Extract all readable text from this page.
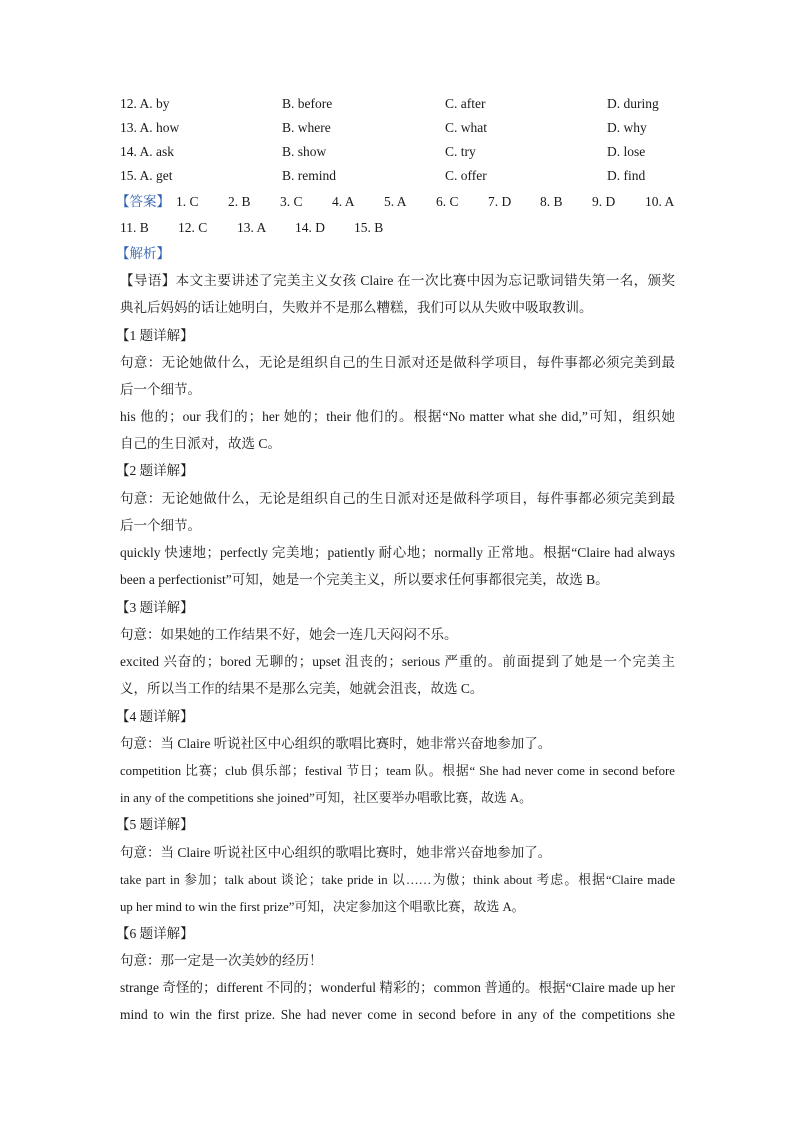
12. A. by	B. before	C. after	D. during
13. A. how	B. where	C. what	D. why
14. A. ask	B. show	C. try	D. lose
15. A. get	B. remind	C. offer	D. find
【答案】 1. C 2. B 3. C 4. A 5. A 6. C 7. D 8. B 9. D 10. A
11. B 12. C 13. A 14. D 15. B
【解析】
【导语】本文主要讲述了完美主义女孩 Claire 在一次比赛中因为忘记歌词错失第一名，颁奖
典礼后妈妈的话让她明白，失败并不是那么糟糕，我们可以从失败中吸取教训。
【1 题详解】
句意：无论她做什么，无论是组织自己的生日派对还是做科学项目，每件事都必须完美到最
后一个细节。
his 他的；our 我们的；her 她的；their 他们的。根据“No matter what she did,”可知，组织她
自己的生日派对，故选 C。
【2 题详解】
句意：无论她做什么，无论是组织自己的生日派对还是做科学项目，每件事都必须完美到最
后一个细节。
quickly 快速地；perfectly 完美地；patiently 耐心地；normally 正常地。根据“Claire had always
been a perfectionist”可知，她是一个完美主义，所以要求任何事都很完美，故选 B。
【3 题详解】
句意：如果她的工作结果不好，她会一连几天闷闷不乐。
excited 兴奋的；bored 无聊的；upset 沮丧的；serious 严重的。前面提到了她是一个完美主
义，所以当工作的结果不是那么完美，她就会沮丧，故选 C。
【4 题详解】
句意：当 Claire 听说社区中心组织的歌唱比赛时，她非常兴奋地参加了。
competition 比赛；club 俱乐部；festival 节日；team 队。根据“ She had never come in second before
in any of the competitions she joined”可知，社区要举办唱歌比赛，故选 A。
【5 题详解】
句意：当 Claire 听说社区中心组织的歌唱比赛时，她非常兴奋地参加了。
take part in 参加；talk about 谈论；take pride in 以……为傲；think about 考虑。根据“Claire made
up her mind to win the first prize”可知，决定参加这个唱歌比赛，故选 A。
【6 题详解】
句意：那一定是一次美妙的经历！
strange 奇怪的；different 不同的；wonderful 精彩的；common 普通的。根据“Claire made up her
mind to win the first prize. She had never come in second before in any of the competitions she
